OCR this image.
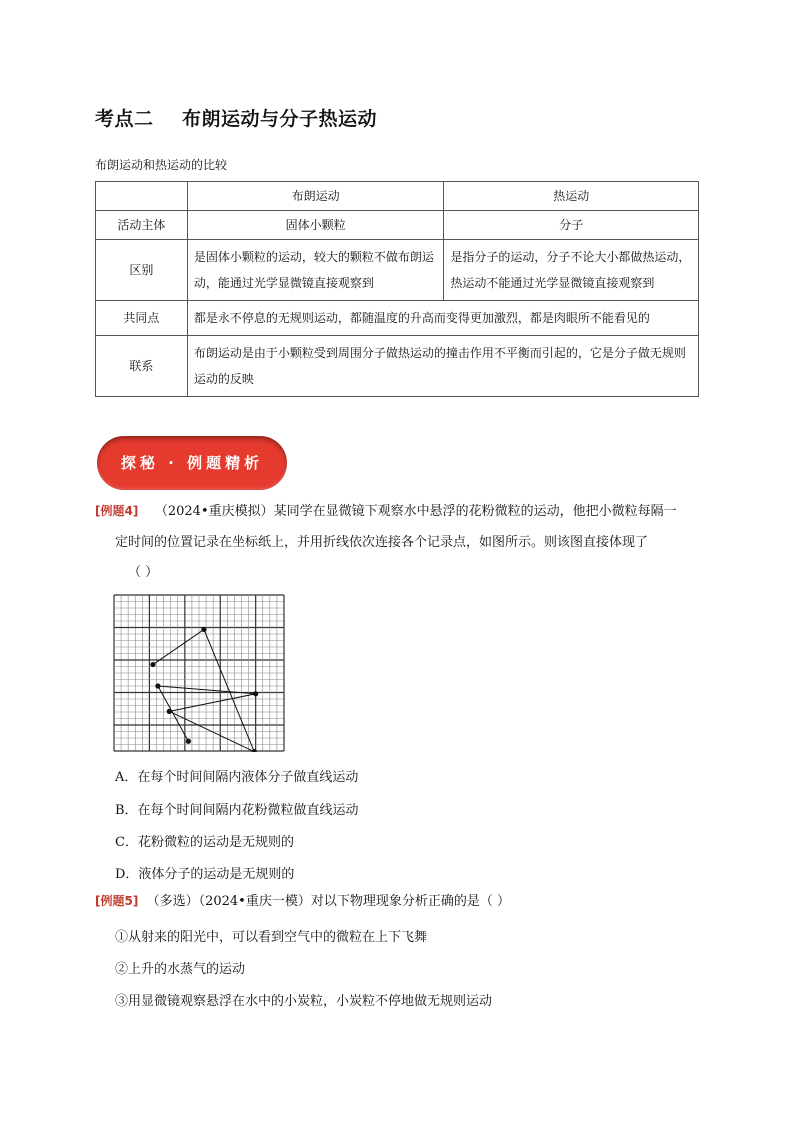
考点二    布朗运动与分子热运动
布朗运动和热运动的比较
	布朗运动	热运动
活动主体	固体小颗粒	分子
区别	是固体小颗粒的运动，较大的颗粒不做布朗运动，能通过光学显微镜直接观察到	是指分子的运动，分子不论大小都做热运动，热运动不能通过光学显微镜直接观察到
共同点	都是永不停息的无规则运动，都随温度的升高而变得更加激烈，都是肉眼所不能看见的	
联系	布朗运动是由于小颗粒受到周围分子做热运动的撞击作用不平衡而引起的，它是分子做无规则运动的反映	
探秘 · 例题精析
[例题4] （2024•重庆模拟）某同学在显微镜下观察水中悬浮的花粉微粒的运动，他把小微粒每隔一
定时间的位置记录在坐标纸上，并用折线依次连接各个记录点，如图所示。则该图直接体现了
（ ）
A．在每个时间间隔内液体分子做直线运动
B．在每个时间间隔内花粉微粒做直线运动
C．花粉微粒的运动是无规则的
D．液体分子的运动是无规则的
[例题5] （多选）（2024•重庆一模）对以下物理现象分析正确的是（ ）
①从射来的阳光中，可以看到空气中的微粒在上下飞舞
②上升的水蒸气的运动
③用显微镜观察悬浮在水中的小炭粒，小炭粒不停地做无规则运动
